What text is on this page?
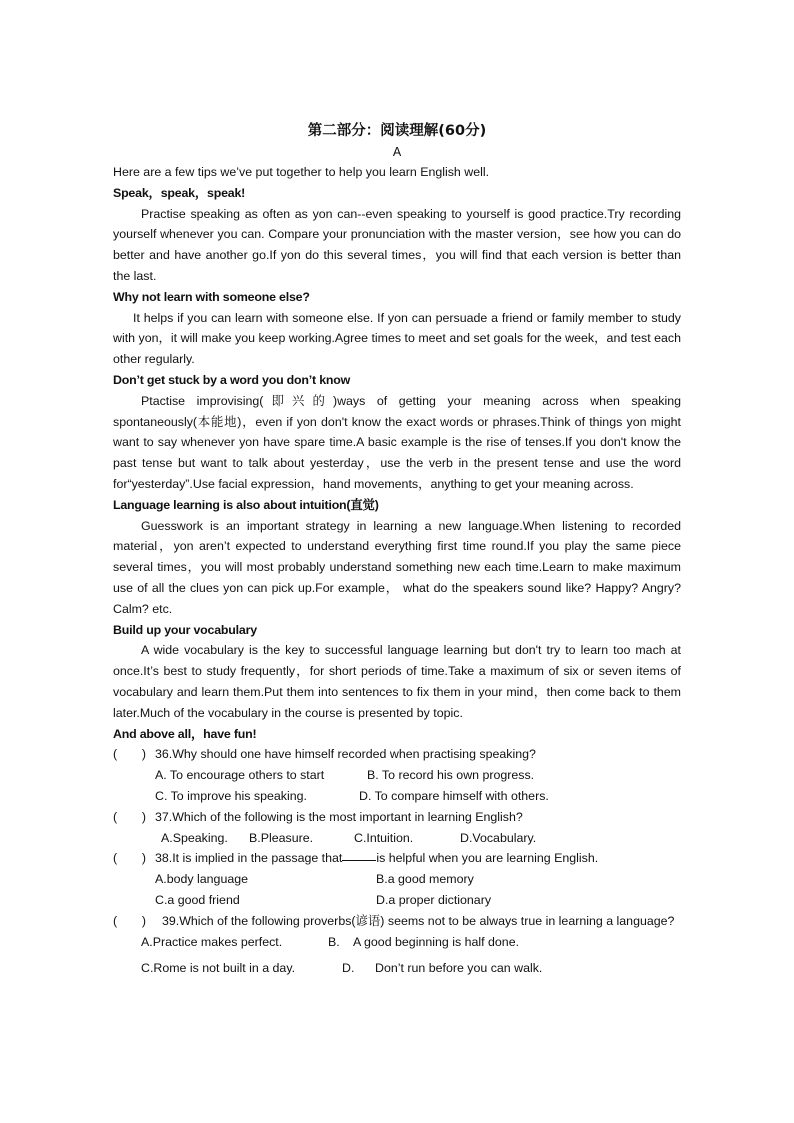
第二部分：阅读理解(60分)
A

Here are a few tips we’ve put together to help you learn English well.

Speak，speak，speak!

Practise speaking as often as yon can--even speaking to yourself is good practice.Try recording yourself whenever you can. Compare your pronunciation with the master version，see how you can do better and have another go.If yon do this several times，you will find that each version is better than the last.

Why not learn with someone else?

It helps if you can learn with someone else. If yon can persuade a friend or family member to study with yon，it will make you keep working.Agree times to meet and set goals for the week，and test each other regularly.

Don’t get stuck by a word you don’t know

Ptactise improvising(即兴的)ways of getting your meaning across when speaking spontaneously(本能地)，even if yon don't know the exact words or phrases.Think of things yon might want to say whenever yon have spare time.A basic example is the rise of tenses.If you don't know the past tense but want to talk about yesterday，use the verb in the present tense and use the word for“yesterday”.Use facial expression，hand movements，anything to get your meaning across.

Language learning is also about intuition(直觉)

Guesswork is an important strategy in learning a new language.When listening to recorded material，yon aren’t expected to understand everything first time round.If you play the same piece several times，you will most probably understand something new each time.Learn to make maximum use of all the clues yon can pick up.For example， what do the speakers sound like? Happy? Angry? Calm? etc.

Build up your vocabulary

A wide vocabulary is the key to successful language learning but don't try to learn too mach at once.It’s best to study frequently，for short periods of time.Take a maximum of six or seven items of vocabulary and learn them.Put them into sentences to fix them in your mind，then come back to them later.Much of the vocabulary in the course is presented by topic.

And above all，have fun!

(　　) 36.Why should one have himself recorded when practising speaking?
A. To encourage others to start	B. To record his own progress.
C. To improve his speaking.	D. To compare himself with others.
(　　) 37.Which of the following is the most important in learning English?
A.Speaking.	B.Pleasure.	C.Intuition.	D.Vocabulary.
(　　) 38.It is implied in the passage that	is helpful when you are learning English.
A.body language	B.a good memory
C.a good friend	D.a proper dictionary
(　　)	39.Which of the following proverbs(谚语) seems not to be always true in learning a language?
A.Practice makes perfect.	B.	A good beginning is half done.
C.Rome is not built in a day.	D.	Don’t run before you can walk.
